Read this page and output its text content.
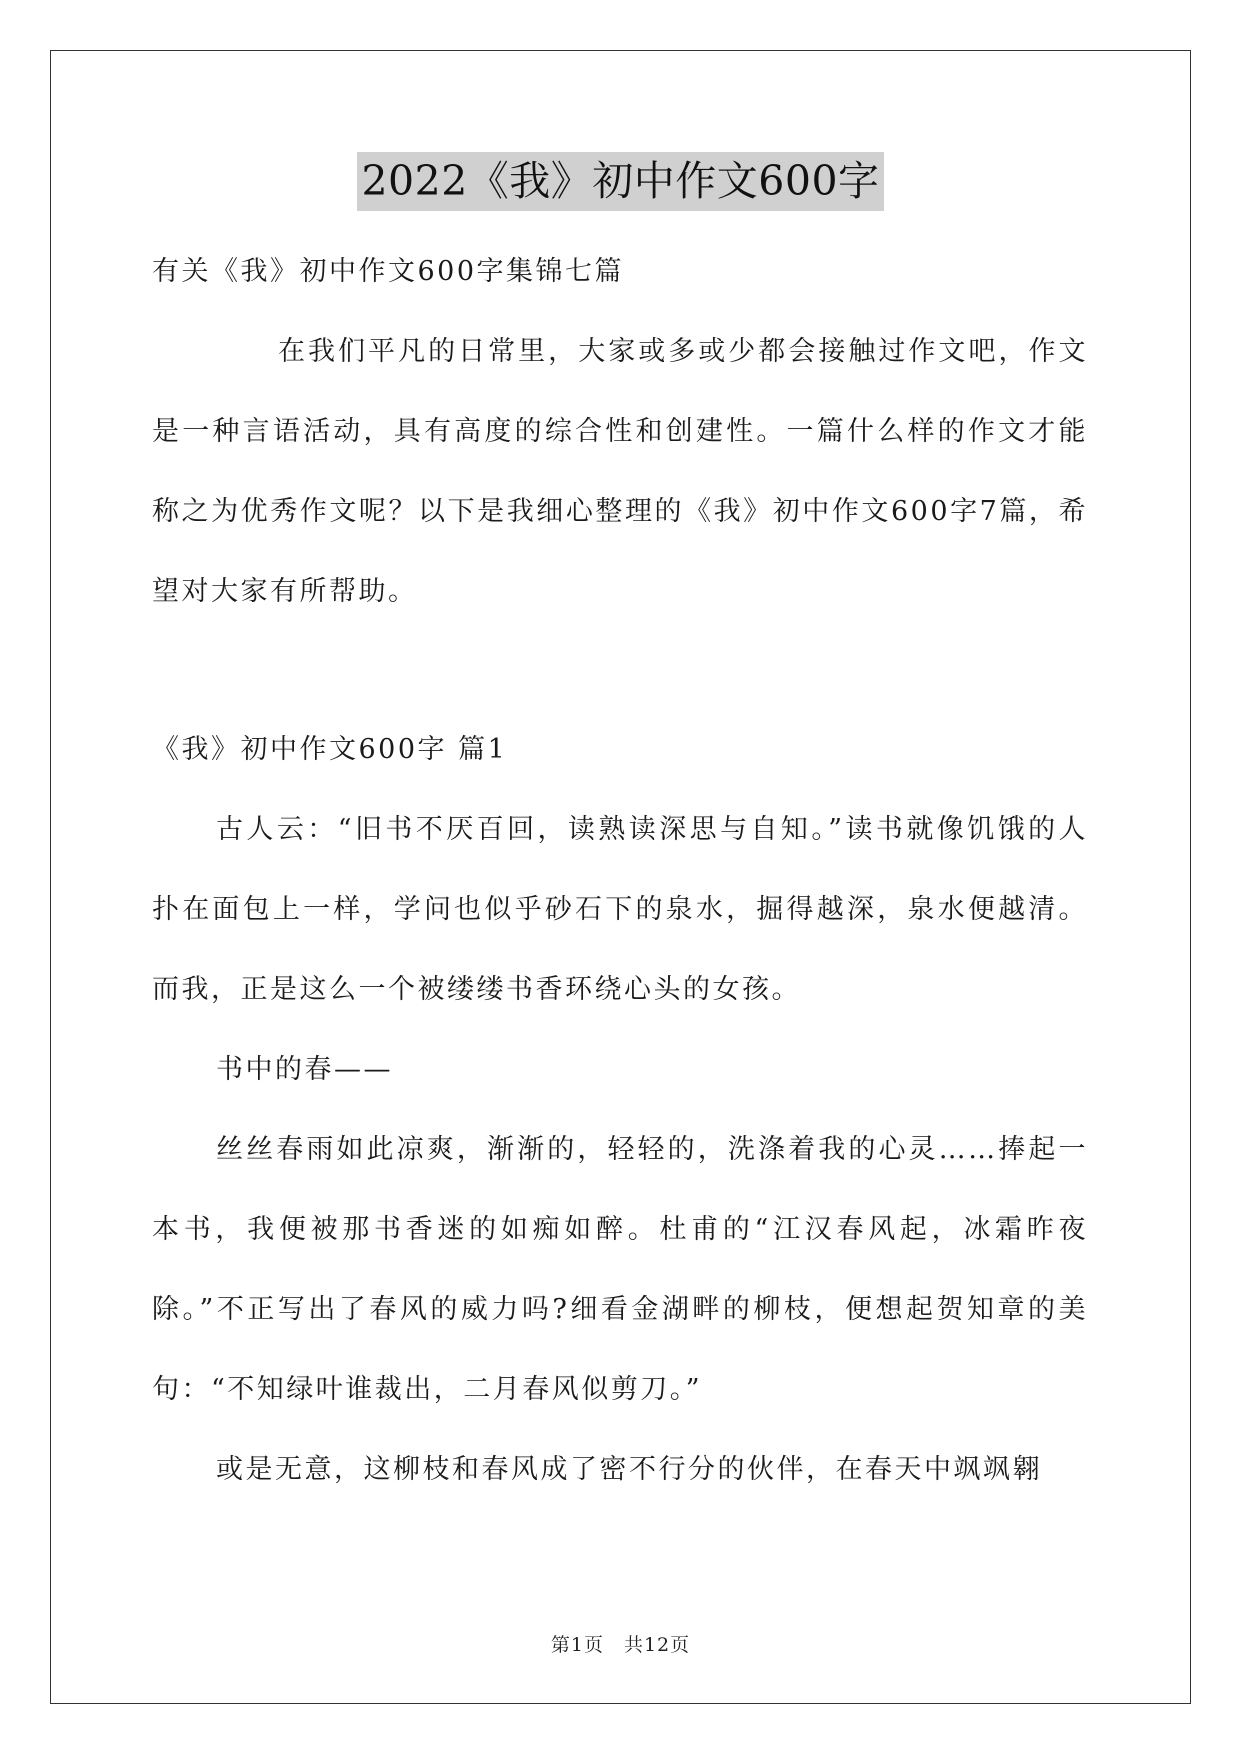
2022《我》初中作文600字

有关《我》初中作文600字集锦七篇

在我们平凡的日常里，大家或多或少都会接触过作文吧，作文是一种言语活动，具有高度的综合性和创建性。一篇什么样的作文才能称之为优秀作文呢？以下是我细心整理的《我》初中作文600字7篇，希望对大家有所帮助。

《我》初中作文600字 篇1

古人云：“旧书不厌百回，读熟读深思与自知。”读书就像饥饿的人扑在面包上一样，学问也似乎砂石下的泉水，掘得越深，泉水便越清。而我，正是这么一个被缕缕书香环绕心头的女孩。

书中的春——

丝丝春雨如此凉爽，渐渐的，轻轻的，洗涤着我的心灵……捧起一本书，我便被那书香迷的如痴如醉。杜甫的“江汉春风起，冰霜昨夜除。”不正写出了春风的威力吗?细看金湖畔的柳枝，便想起贺知章的美句：“不知绿叶谁裁出，二月春风似剪刀。”

或是无意，这柳枝和春风成了密不行分的伙伴，在春天中飒飒翱

第1页 共12页
